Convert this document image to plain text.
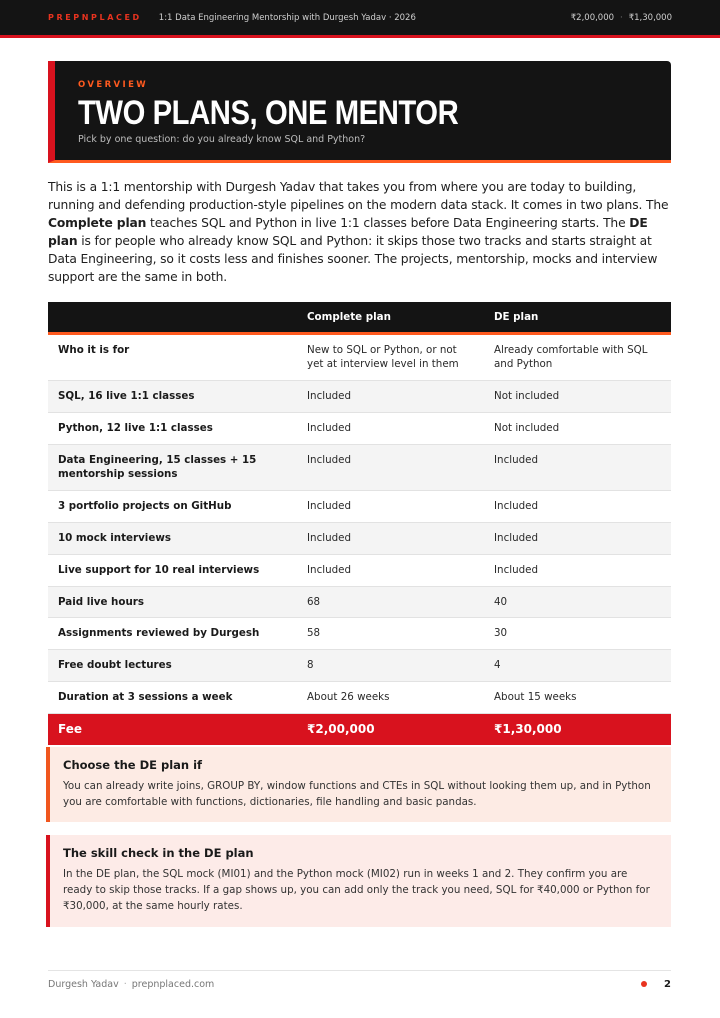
PREPNPLACED 1:1 Data Engineering Mentorship with Durgesh Yadav · 2026	₹2,00,000 · ₹1,30,000
OVERVIEW
TWO PLANS, ONE MENTOR
Pick by one question: do you already know SQL and Python?

This is a 1:1 mentorship with Durgesh Yadav that takes you from where you are today to building, running and defending production-style pipelines on the modern data stack. It comes in two plans. The Complete plan teaches SQL and Python in live 1:1 classes before Data Engineering starts. The DE plan is for people who already know SQL and Python: it skips those two tracks and starts straight at Data Engineering, so it costs less and finishes sooner. The projects, mentorship, mocks and interview support are the same in both.

	Complete plan	DE plan
Who it is for	New to SQL or Python, or not yet at interview level in them	Already comfortable with SQL and Python
SQL, 16 live 1:1 classes	Included	Not included
Python, 12 live 1:1 classes	Included	Not included
Data Engineering, 15 classes + 15 mentorship sessions	Included	Included
3 portfolio projects on GitHub	Included	Included
10 mock interviews	Included	Included
Live support for 10 real interviews	Included	Included
Paid live hours	68	40
Assignments reviewed by Durgesh	58	30
Free doubt lectures	8	4
Duration at 3 sessions a week	About 26 weeks	About 15 weeks
Fee	₹2,00,000	₹1,30,000
Choose the DE plan if

You can already write joins, GROUP BY, window functions and CTEs in SQL without looking them up, and in Python you are comfortable with functions, dictionaries, file handling and basic pandas.

The skill check in the DE plan

In the DE plan, the SQL mock (MI01) and the Python mock (MI02) run in weeks 1 and 2. They confirm you are ready to skip those tracks. If a gap shows up, you can add only the track you need, SQL for ₹40,000 or Python for ₹30,000, at the same hourly rates.

Durgesh Yadav · prepnplaced.com	2
